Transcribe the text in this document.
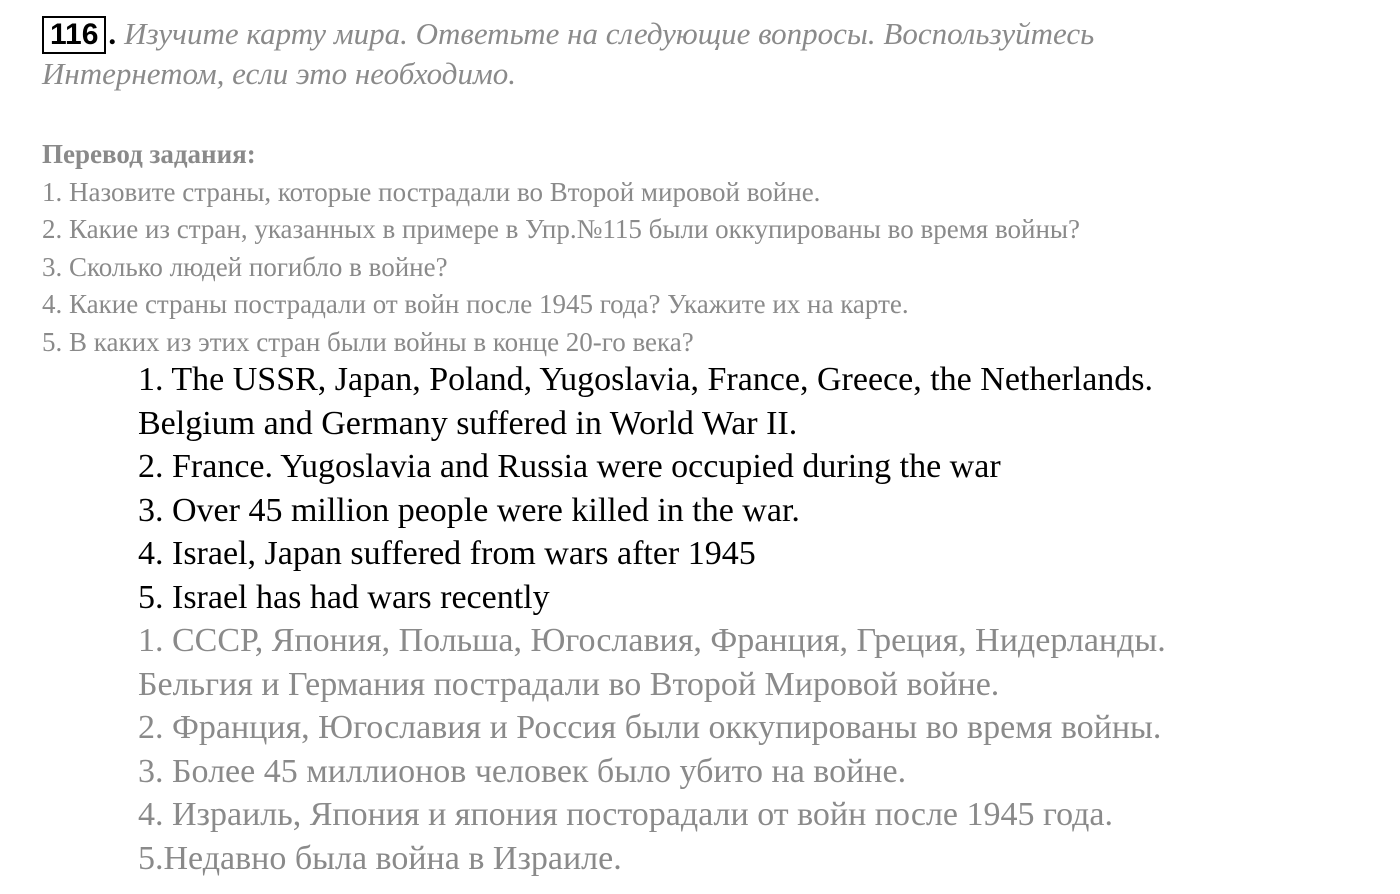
116 . Изучите карту мира. Ответьте на следующие вопросы. Воспользуйтесь
Интернетом, если это необходимо.
Перевод задания:
1. Назовите страны, которые пострадали во Второй мировой войне.
2. Какие из стран, указанных в примере в Упр.№115 были оккупированы во время войны?
3. Сколько людей погибло в войне?
4. Какие страны пострадали от войн после 1945 года? Укажите их на карте.
5. В каких из этих стран были войны в конце 20-го века?
1. The USSR, Japan, Poland, Yugoslavia, France, Greece, the Netherlands.
Belgium and Germany suffered in World War II.
2. France. Yugoslavia and Russia were occupied during the war
3. Over 45 million people were killed in the war.
4. Israel, Japan suffered from wars after 1945
5. Israel has had wars recently
1. СССР, Япония, Польша, Югославия, Франция, Греция, Нидерланды.
Бельгия и Германия пострадали во Второй Мировой войне.
2. Франция, Югославия и Россия были оккупированы во время войны.
3. Более 45 миллионов человек было убито на войне.
4. Израиль, Япония и япония посторадали от войн после 1945 года.
5.Недавно была война в Израиле.
